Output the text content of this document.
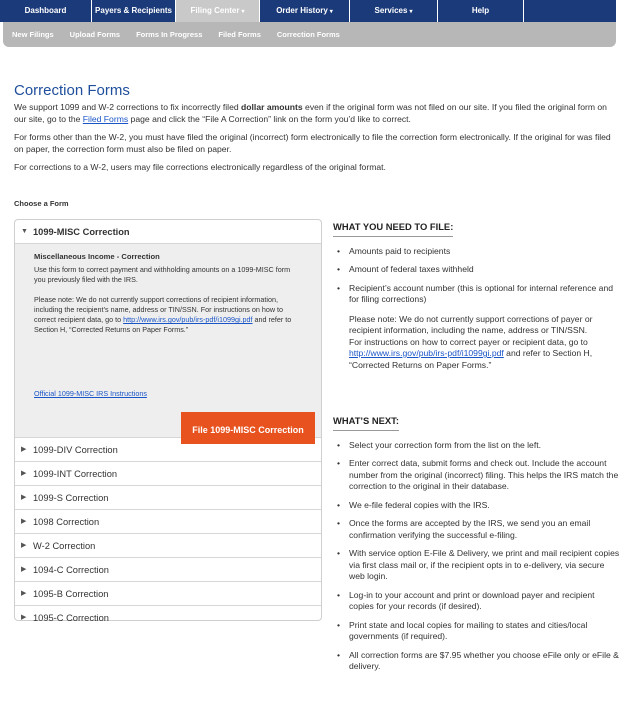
Dashboard	Payers & Recipients	Filing Center ▾	Order History ▾	Services ▾	Help
New Filings Upload Forms Forms In Progress Filed Forms Correction Forms
Correction Forms

We support 1099 and W-2 corrections to fix incorrectly filed dollar amounts even if the original form was not filed on our site. If you filed the original form on our site, go to the Filed Forms page and click the “File A Correction” link on the form you’d like to correct.

For forms other than the W-2, you must have filed the original (incorrect) form electronically to file the correction form electronically. If the original for was filed on paper, the correction form must also be filed on paper.

For corrections to a W-2, users may file corrections electronically regardless of the original format.

Choose a Form
▼ 1099-MISC Correction
Miscellaneous Income - Correction

Use this form to correct payment and withholding amounts on a 1099-MISC form you previously filed with the IRS.

Please note: We do not currently support corrections of recipient information, including the recipient’s name, address or TIN/SSN. For instructions on how to correct recipient data, go to http://www.irs.gov/pub/irs-pdf/i1099gi.pdf and refer to Section H, “Corrected Returns on Paper Forms.”

Official 1099-MISC IRS Instructions
File 1099-MISC Correction
▶ 1099-DIV Correction
▶ 1099-INT Correction
▶ 1099-S Correction
▶ 1098 Correction
▶ W-2 Correction
▶ 1094-C Correction
▶ 1095-B Correction
▶ 1095-C Correction
WHAT YOU NEED TO FILE:
• Amounts paid to recipients
• Amount of federal taxes withheld
• Recipient’s account number (this is optional for internal reference and for filing corrections)
Please note: We do not currently support corrections of payer or recipient information, including the name, address or TIN/SSN.
For instructions on how to correct payer or recipient data, go to http://www.irs.gov/pub/irs-pdf/i1099gi.pdf and refer to Section H, “Corrected Returns on Paper Forms.”
WHAT’S NEXT:
• Select your correction form from the list on the left.
• Enter correct data, submit forms and check out. Include the account number from the original (incorrect) filing. This helps the IRS match the correction to the original in their database.
• We e-file federal copies with the IRS.
• Once the forms are accepted by the IRS, we send you an email confirmation verifying the successful e-filing.
• With service option E-File & Delivery, we print and mail recipient copies via first class mail or, if the recipient opts in to e-delivery, via secure web login.
• Log-in to your account and print or download payer and recipient copies for your records (if desired).
• Print state and local copies for mailing to states and cities/local governments (if required).
• All correction forms are $7.95 whether you choose eFile only or eFile & delivery.
